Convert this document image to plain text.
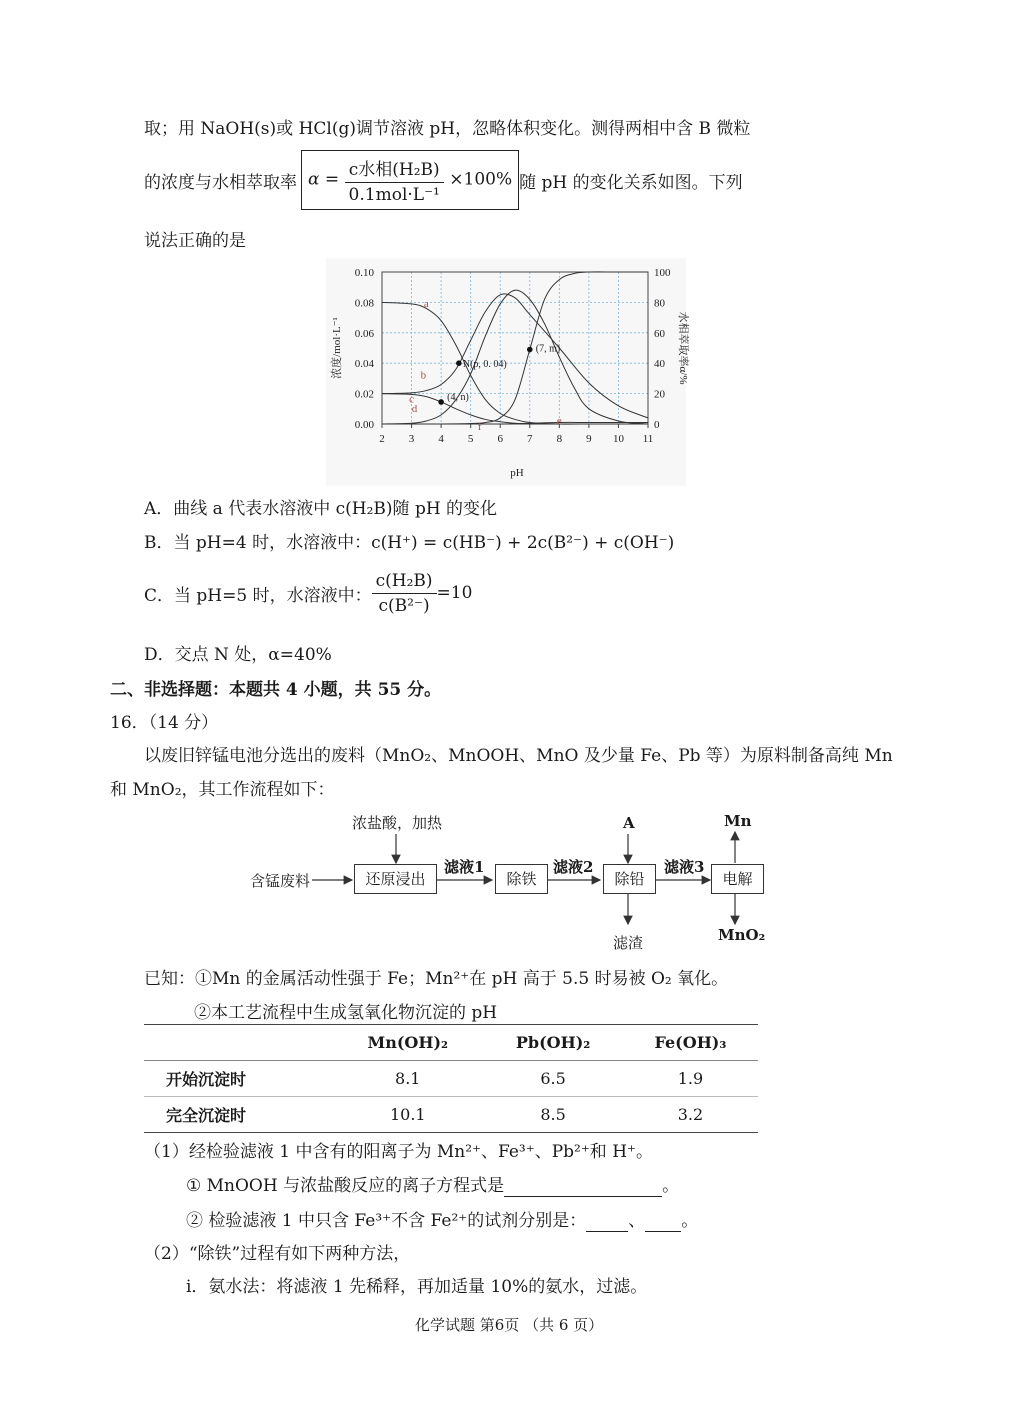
取；用 NaOH(s)或 HCl(g)调节溶液 pH，忽略体积变化。测得两相中含 B 微粒
的浓度与水相萃取率 $\alpha = \frac{\text{c水相(H₂B)}}{\text{0.1mol·L⁻¹}} \times 100\%$ 随 pH 的变化关系如图。下列
说法正确的是
2 3 4 5 6 7 8 9 10 11
pH
0.00
0.02
0.04
0.06
0.08
0.10
浓度/mol·L⁻¹
0
20
40
60
80
100
水相萃取率α/%
a
b
c
d
e
f
N(p, 0. 04)
(4, n)
(7, m)
A．曲线 a 代表水溶液中 c(H₂B)随 pH 的变化
B．当 pH=4 时，水溶液中：c(H⁺) = c(HB⁻) + 2c(B²⁻) + c(OH⁻)
C．当 pH=5 时，水溶液中： $\frac{\text{c(H₂B)}}{\text{c(B²⁻)}} =10$
D．交点 N 处，α=40%
二、非选择题：本题共 4 小题，共 55 分。
16．（14 分）
以废旧锌锰电池分选出的废料（MnO₂、MnOOH、MnO 及少量 Fe、Pb 等）为原料制备高纯 Mn
和 MnO₂，其工作流程如下：
含锰废料
浓盐酸，加热
还原浸出
滤液1
除铁
滤液2
A
除铅
滤渣
滤液3
电解
Mn
MnO₂
已知：①Mn 的金属活动性强于 Fe；Mn²⁺在 pH 高于 5.5 时易被 O₂ 氧化。
②本工艺流程中生成氢氧化物沉淀的 pH
	Mn(OH)₂	Pb(OH)₂	Fe(OH)₃
开始沉淀时	8.1	6.5	1.9
完全沉淀时	10.1	8.5	3.2
（1）经检验滤液 1 中含有的阳离子为 Mn²⁺、Fe³⁺、Pb²⁺和 H⁺。
① MnOOH 与浓盐酸反应的离子方程式是	。
② 检验滤液 1 中只含 Fe³⁺不含 Fe²⁺的试剂分别是： 、 。
（2）“除铁”过程有如下两种方法，
i．氨水法：将滤液 1 先稀释，再加适量 10%的氨水，过滤。
化学试题 第6页 （共 6 页）
